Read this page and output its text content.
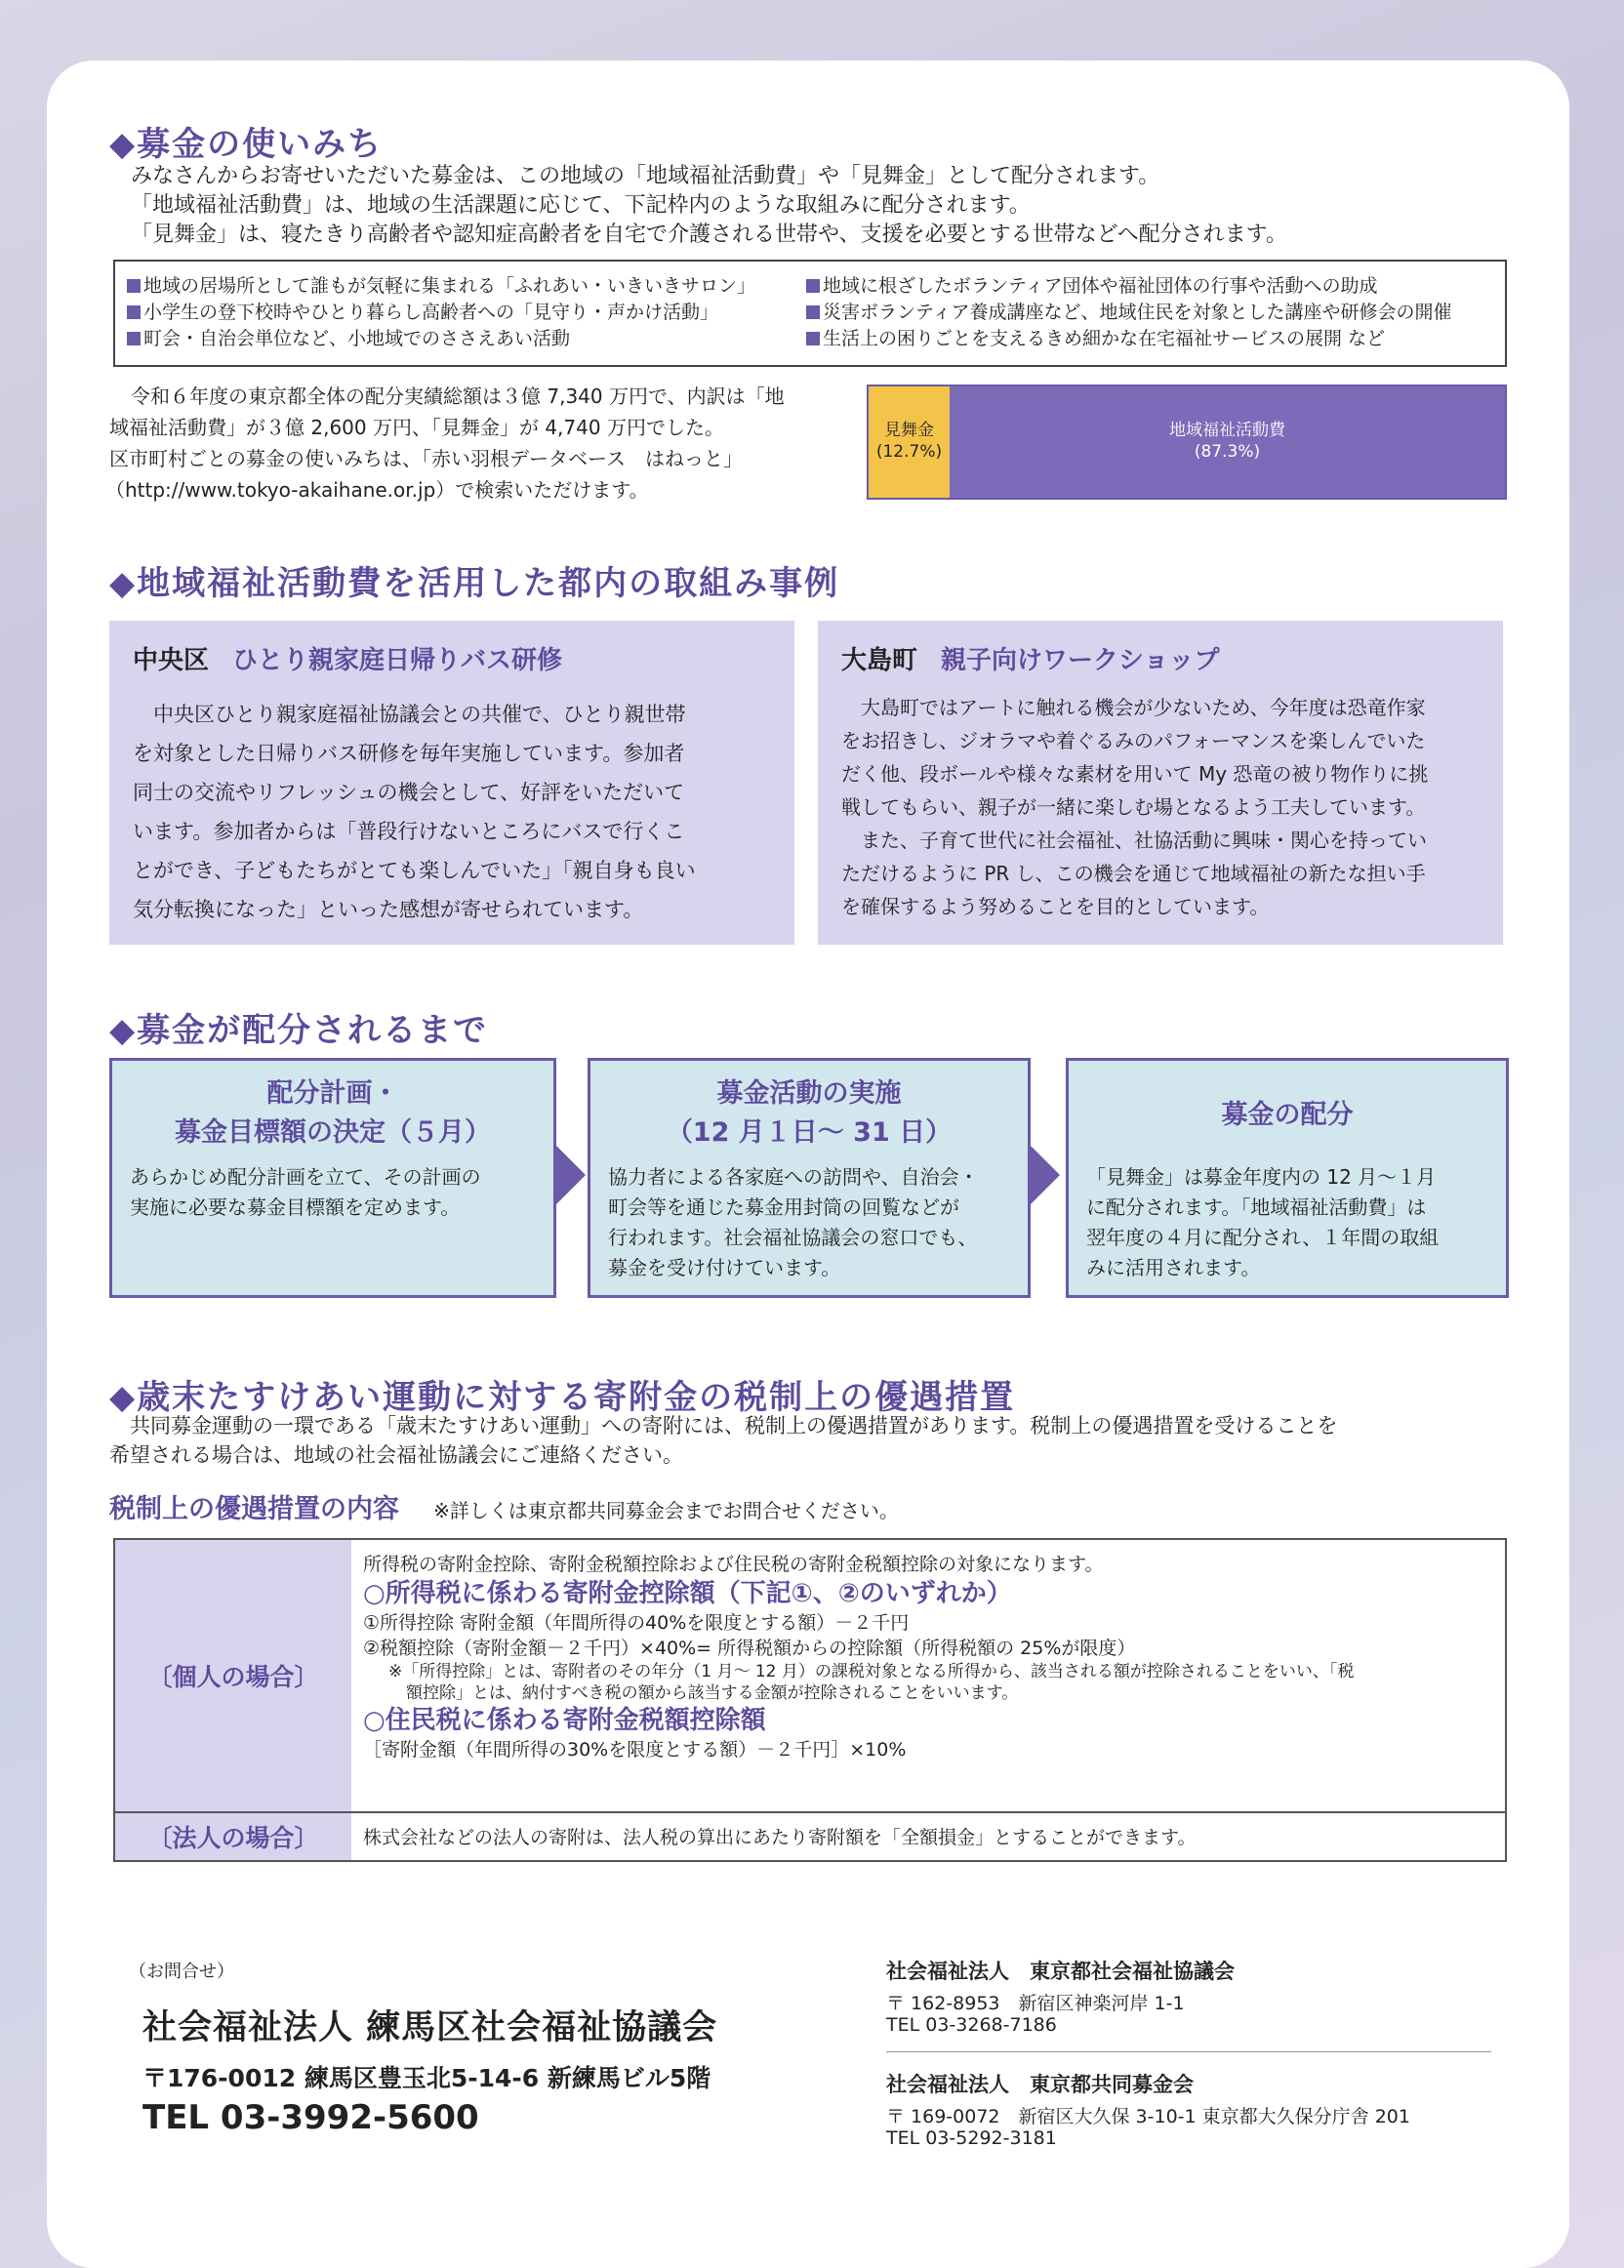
◆募金の使いみち
みなさんからお寄せいただいた募金は、この地域の「地域福祉活動費」や「見舞金」として配分されます。
「地域福祉活動費」は、地域の生活課題に応じて、下記枠内のような取組みに配分されます。
「見舞金」は、寝たきり高齢者や認知症高齢者を自宅で介護される世帯や、支援を必要とする世帯などへ配分されます。
地域の居場所として誰もが気軽に集まれる「ふれあい・いきいきサロン」
小学生の登下校時やひとり暮らし高齢者への「見守り・声かけ活動」
町会・自治会単位など、小地域でのささえあい活動
地域に根ざしたボランティア団体や福祉団体の行事や活動への助成
災害ボランティア養成講座など、地域住民を対象とした講座や研修会の開催
生活上の困りごとを支えるきめ細かな在宅福祉サービスの展開 など
令和６年度の東京都全体の配分実績総額は３億 7,340 万円で、内訳は「地
域福祉活動費」が３億 2,600 万円、「見舞金」が 4,740 万円でした。
区市町村ごとの募金の使いみちは、「赤い羽根データベース　はねっと」
（http://www.tokyo-akaihane.or.jp）で検索いただけます。
見舞金
(12.7%)
地域福祉活動費
(87.3%)
◆地域福祉活動費を活用した都内の取組み事例
中央区 ひとり親家庭日帰りバス研修
　中央区ひとり親家庭福祉協議会との共催で、ひとり親世帯
を対象とした日帰りバス研修を毎年実施しています。参加者
同士の交流やリフレッシュの機会として、好評をいただいて
います。参加者からは「普段行けないところにバスで行くこ
とができ、子どもたちがとても楽しんでいた」「親自身も良い
気分転換になった」といった感想が寄せられています。
大島町 親子向けワークショップ
　大島町ではアートに触れる機会が少ないため、今年度は恐竜作家
をお招きし、ジオラマや着ぐるみのパフォーマンスを楽しんでいた
だく他、段ボールや様々な素材を用いて My 恐竜の被り物作りに挑
戦してもらい、親子が一緒に楽しむ場となるよう工夫しています。
　また、子育て世代に社会福祉、社協活動に興味・関心を持ってい
ただけるように PR し、この機会を通じて地域福祉の新たな担い手
を確保するよう努めることを目的としています。
◆募金が配分されるまで
配分計画・
募金目標額の決定（５月）
あらかじめ配分計画を立て、その計画の
実施に必要な募金目標額を定めます。
募金活動の実施
（12 月１日～ 31 日）
協力者による各家庭への訪問や、自治会・
町会等を通じた募金用封筒の回覧などが
行われます。社会福祉協議会の窓口でも、
募金を受け付けています。
募金の配分
「見舞金」は募金年度内の 12 月～１月
に配分されます。「地域福祉活動費」は
翌年度の４月に配分され、１年間の取組
みに活用されます。
◆歳末たすけあい運動に対する寄附金の税制上の優遇措置
　共同募金運動の一環である「歳末たすけあい運動」への寄附には、税制上の優遇措置があります。税制上の優遇措置を受けることを
希望される場合は、地域の社会福祉協議会にご連絡ください。
税制上の優遇措置の内容 ※詳しくは東京都共同募金会までお問合せください。
〔個人の場合〕
所得税の寄附金控除、寄附金税額控除および住民税の寄附金税額控除の対象になります。
○所得税に係わる寄附金控除額（下記①、②のいずれか）
①所得控除 寄附金額（年間所得の40%を限度とする額）－２千円
②税額控除（寄附金額－２千円）×40%= 所得税額からの控除額（所得税額の 25%が限度）
※「所得控除」とは、寄附者のその年分（1 月～ 12 月）の課税対象となる所得から、該当される額が控除されることをいい、「税
額控除」とは、納付すべき税の額から該当する金額が控除されることをいいます。
○住民税に係わる寄附金税額控除額
［寄附金額（年間所得の30%を限度とする額）－２千円］×10%
〔法人の場合〕	株式会社などの法人の寄附は、法人税の算出にあたり寄附額を「全額損金」とすることができます。
（お問合せ）
社会福祉法人 練馬区社会福祉協議会
〒176-0012 練馬区豊玉北5-14-6 新練馬ビル5階
TEL 03-3992-5600
社会福祉法人　東京都社会福祉協議会
〒 162-8953　新宿区神楽河岸 1-1
TEL 03-3268-7186
社会福祉法人　東京都共同募金会
〒 169-0072　新宿区大久保 3-10-1 東京都大久保分庁舎 201
TEL 03-5292-3181
